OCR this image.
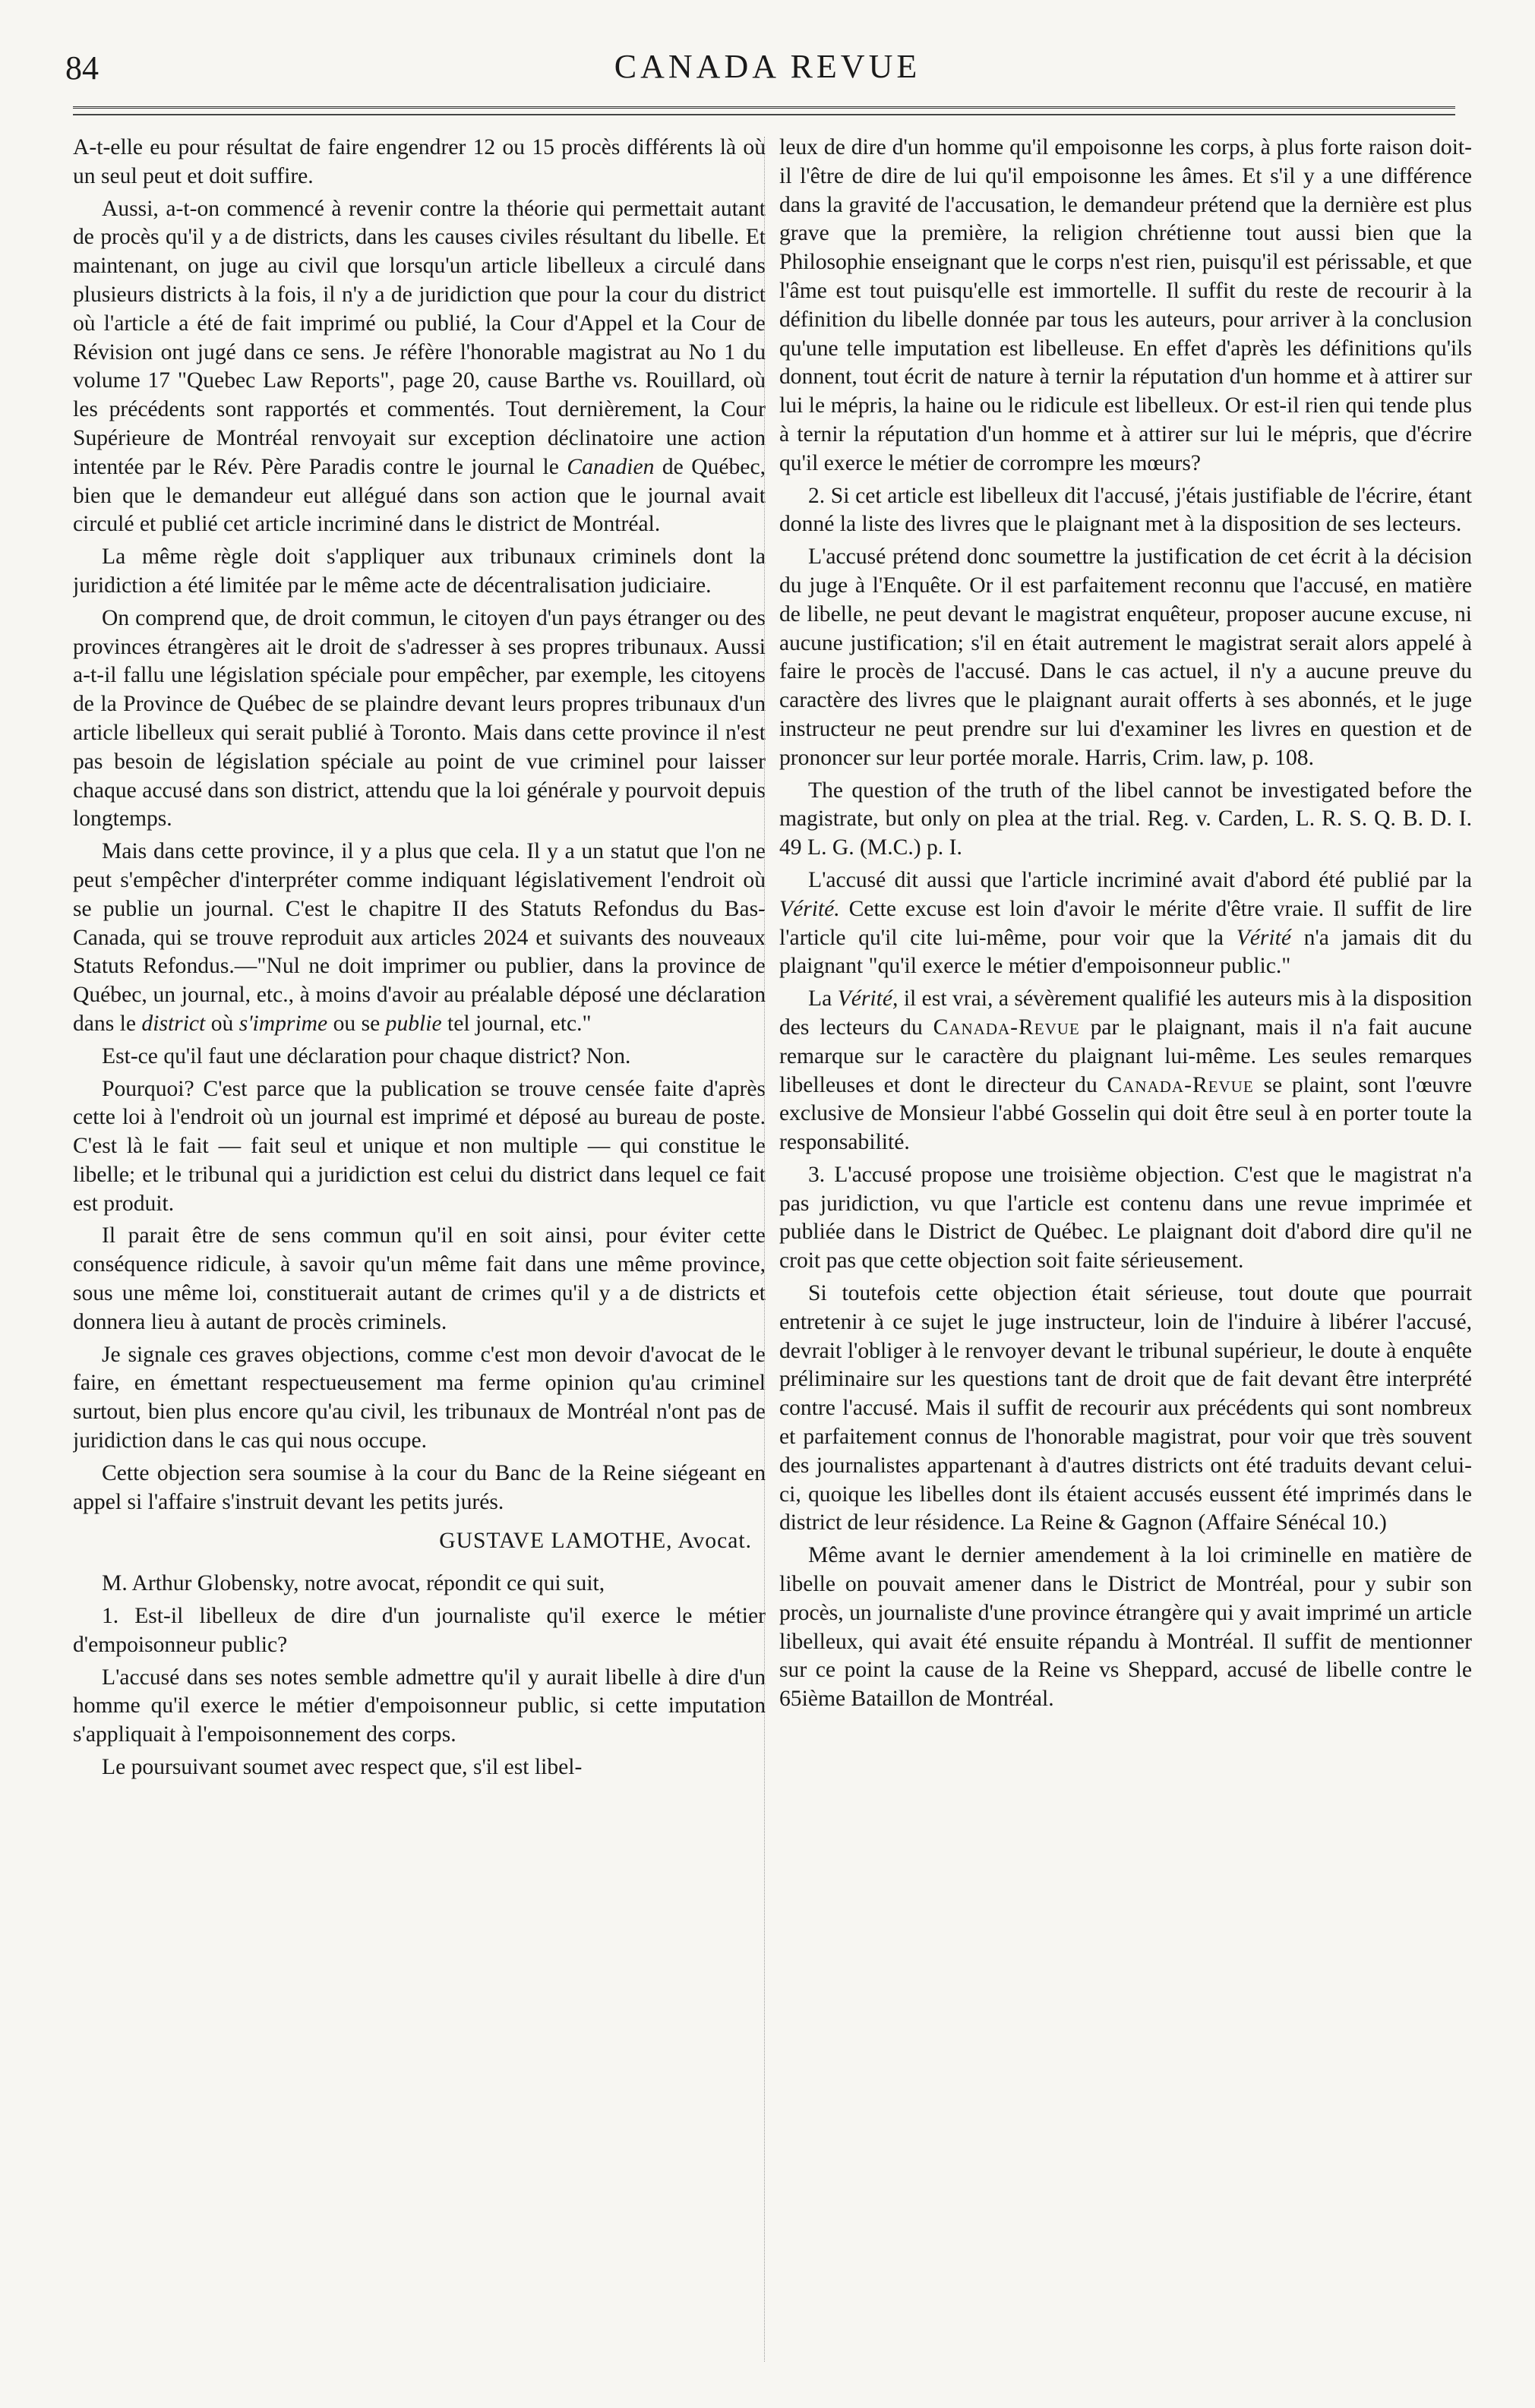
84	CANADA REVUE

A-t-elle eu pour résultat de faire engendrer 12 ou 15 procès différents là où un seul peut et doit suffire.

Aussi, a-t-on commencé à revenir contre la théorie qui permettait autant de procès qu'il y a de districts, dans les causes civiles résultant du libelle. Et maintenant, on juge au civil que lorsqu'un article libelleux a circulé dans plusieurs districts à la fois, il n'y a de juridiction que pour la cour du district où l'article a été de fait imprimé ou publié, la Cour d'Appel et la Cour de Révision ont jugé dans ce sens. Je réfère l'honorable magistrat au No 1 du volume 17 "Quebec Law Reports", page 20, cause Barthe vs. Rouillard, où les précédents sont rapportés et commentés. Tout dernièrement, la Cour Supérieure de Montréal renvoyait sur exception déclinatoire une action intentée par le Rév. Père Paradis contre le journal le Canadien de Québec, bien que le demandeur eut allégué dans son action que le journal avait circulé et publié cet article incriminé dans le district de Montréal.

La même règle doit s'appliquer aux tribunaux criminels dont la juridiction a été limitée par le même acte de décentralisation judiciaire.

On comprend que, de droit commun, le citoyen d'un pays étranger ou des provinces étrangères ait le droit de s'adresser à ses propres tribunaux. Aussi a-t-il fallu une législation spéciale pour empêcher, par exemple, les citoyens de la Province de Québec de se plaindre devant leurs propres tribunaux d'un article libelleux qui serait publié à Toronto. Mais dans cette province il n'est pas besoin de législation spéciale au point de vue criminel pour laisser chaque accusé dans son district, attendu que la loi générale y pourvoit depuis longtemps.

Mais dans cette province, il y a plus que cela. Il y a un statut que l'on ne peut s'empêcher d'interpréter comme indiquant législativement l'endroit où se publie un journal. C'est le chapitre II des Statuts Refondus du Bas-Canada, qui se trouve reproduit aux articles 2024 et suivants des nouveaux Statuts Refondus.—"Nul ne doit imprimer ou publier, dans la province de Québec, un journal, etc., à moins d'avoir au préalable déposé une déclaration dans le district où s'imprime ou se publie tel journal, etc."

Est-ce qu'il faut une déclaration pour chaque district? Non.

Pourquoi? C'est parce que la publication se trouve censée faite d'après cette loi à l'endroit où un journal est imprimé et déposé au bureau de poste. C'est là le fait — fait seul et unique et non multiple — qui constitue le libelle; et le tribunal qui a juridiction est celui du district dans lequel ce fait est produit.

Il parait être de sens commun qu'il en soit ainsi, pour éviter cette conséquence ridicule, à savoir qu'un même fait dans une même province, sous une même loi, constituerait autant de crimes qu'il y a de districts et donnera lieu à autant de procès criminels.

Je signale ces graves objections, comme c'est mon devoir d'avocat de le faire, en émettant respectueusement ma ferme opinion qu'au criminel surtout, bien plus encore qu'au civil, les tribunaux de Montréal n'ont pas de juridiction dans le cas qui nous occupe.

Cette objection sera soumise à la cour du Banc de la Reine siégeant en appel si l'affaire s'instruit devant les petits jurés.

GUSTAVE LAMOTHE, Avocat.

M. Arthur Globensky, notre avocat, répondit ce qui suit,

1. Est-il libelleux de dire d'un journaliste qu'il exerce le métier d'empoisonneur public?

L'accusé dans ses notes semble admettre qu'il y aurait libelle à dire d'un homme qu'il exerce le métier d'empoisonneur public, si cette imputation s'appliquait à l'empoisonnement des corps.

Le poursuivant soumet avec respect que, s'il est libel-

leux de dire d'un homme qu'il empoisonne les corps, à plus forte raison doit-il l'être de dire de lui qu'il empoisonne les âmes. Et s'il y a une différence dans la gravité de l'accusation, le demandeur prétend que la dernière est plus grave que la première, la religion chrétienne tout aussi bien que la Philosophie enseignant que le corps n'est rien, puisqu'il est périssable, et que l'âme est tout puisqu'elle est immortelle. Il suffit du reste de recourir à la définition du libelle donnée par tous les auteurs, pour arriver à la conclusion qu'une telle imputation est libelleuse. En effet d'après les définitions qu'ils donnent, tout écrit de nature à ternir la réputation d'un homme et à attirer sur lui le mépris, la haine ou le ridicule est libelleux. Or est-il rien qui tende plus à ternir la réputation d'un homme et à attirer sur lui le mépris, que d'écrire qu'il exerce le métier de corrompre les mœurs?

2. Si cet article est libelleux dit l'accusé, j'étais justifiable de l'écrire, étant donné la liste des livres que le plaignant met à la disposition de ses lecteurs.

L'accusé prétend donc soumettre la justification de cet écrit à la décision du juge à l'Enquête. Or il est parfaitement reconnu que l'accusé, en matière de libelle, ne peut devant le magistrat enquêteur, proposer aucune excuse, ni aucune justification; s'il en était autrement le magistrat serait alors appelé à faire le procès de l'accusé. Dans le cas actuel, il n'y a aucune preuve du caractère des livres que le plaignant aurait offerts à ses abonnés, et le juge instructeur ne peut prendre sur lui d'examiner les livres en question et de prononcer sur leur portée morale. Harris, Crim. law, p. 108.

The question of the truth of the libel cannot be investigated before the magistrate, but only on plea at the trial. Reg. v. Carden, L. R. S. Q. B. D. I. 49 L. G. (M.C.) p. I.

L'accusé dit aussi que l'article incriminé avait d'abord été publié par la Vérité. Cette excuse est loin d'avoir le mérite d'être vraie. Il suffit de lire l'article qu'il cite lui-même, pour voir que la Vérité n'a jamais dit du plaignant "qu'il exerce le métier d'empoisonneur public."

La Vérité, il est vrai, a sévèrement qualifié les auteurs mis à la disposition des lecteurs du Canada-Revue par le plaignant, mais il n'a fait aucune remarque sur le caractère du plaignant lui-même. Les seules remarques libelleuses et dont le directeur du Canada-Revue se plaint, sont l'œuvre exclusive de Monsieur l'abbé Gosselin qui doit être seul à en porter toute la responsabilité.

3. L'accusé propose une troisième objection. C'est que le magistrat n'a pas juridiction, vu que l'article est contenu dans une revue imprimée et publiée dans le District de Québec. Le plaignant doit d'abord dire qu'il ne croit pas que cette objection soit faite sérieusement.

Si toutefois cette objection était sérieuse, tout doute que pourrait entretenir à ce sujet le juge instructeur, loin de l'induire à libérer l'accusé, devrait l'obliger à le renvoyer devant le tribunal supérieur, le doute à enquête préliminaire sur les questions tant de droit que de fait devant être interprété contre l'accusé. Mais il suffit de recourir aux précédents qui sont nombreux et parfaitement connus de l'honorable magistrat, pour voir que très souvent des journalistes appartenant à d'autres districts ont été traduits devant celui-ci, quoique les libelles dont ils étaient accusés eussent été imprimés dans le district de leur résidence. La Reine & Gagnon (Affaire Sénécal 10.)

Même avant le dernier amendement à la loi criminelle en matière de libelle on pouvait amener dans le District de Montréal, pour y subir son procès, un journaliste d'une province étrangère qui y avait imprimé un article libelleux, qui avait été ensuite répandu à Montréal. Il suffit de mentionner sur ce point la cause de la Reine vs Sheppard, accusé de libelle contre le 65ième Bataillon de Montréal.
